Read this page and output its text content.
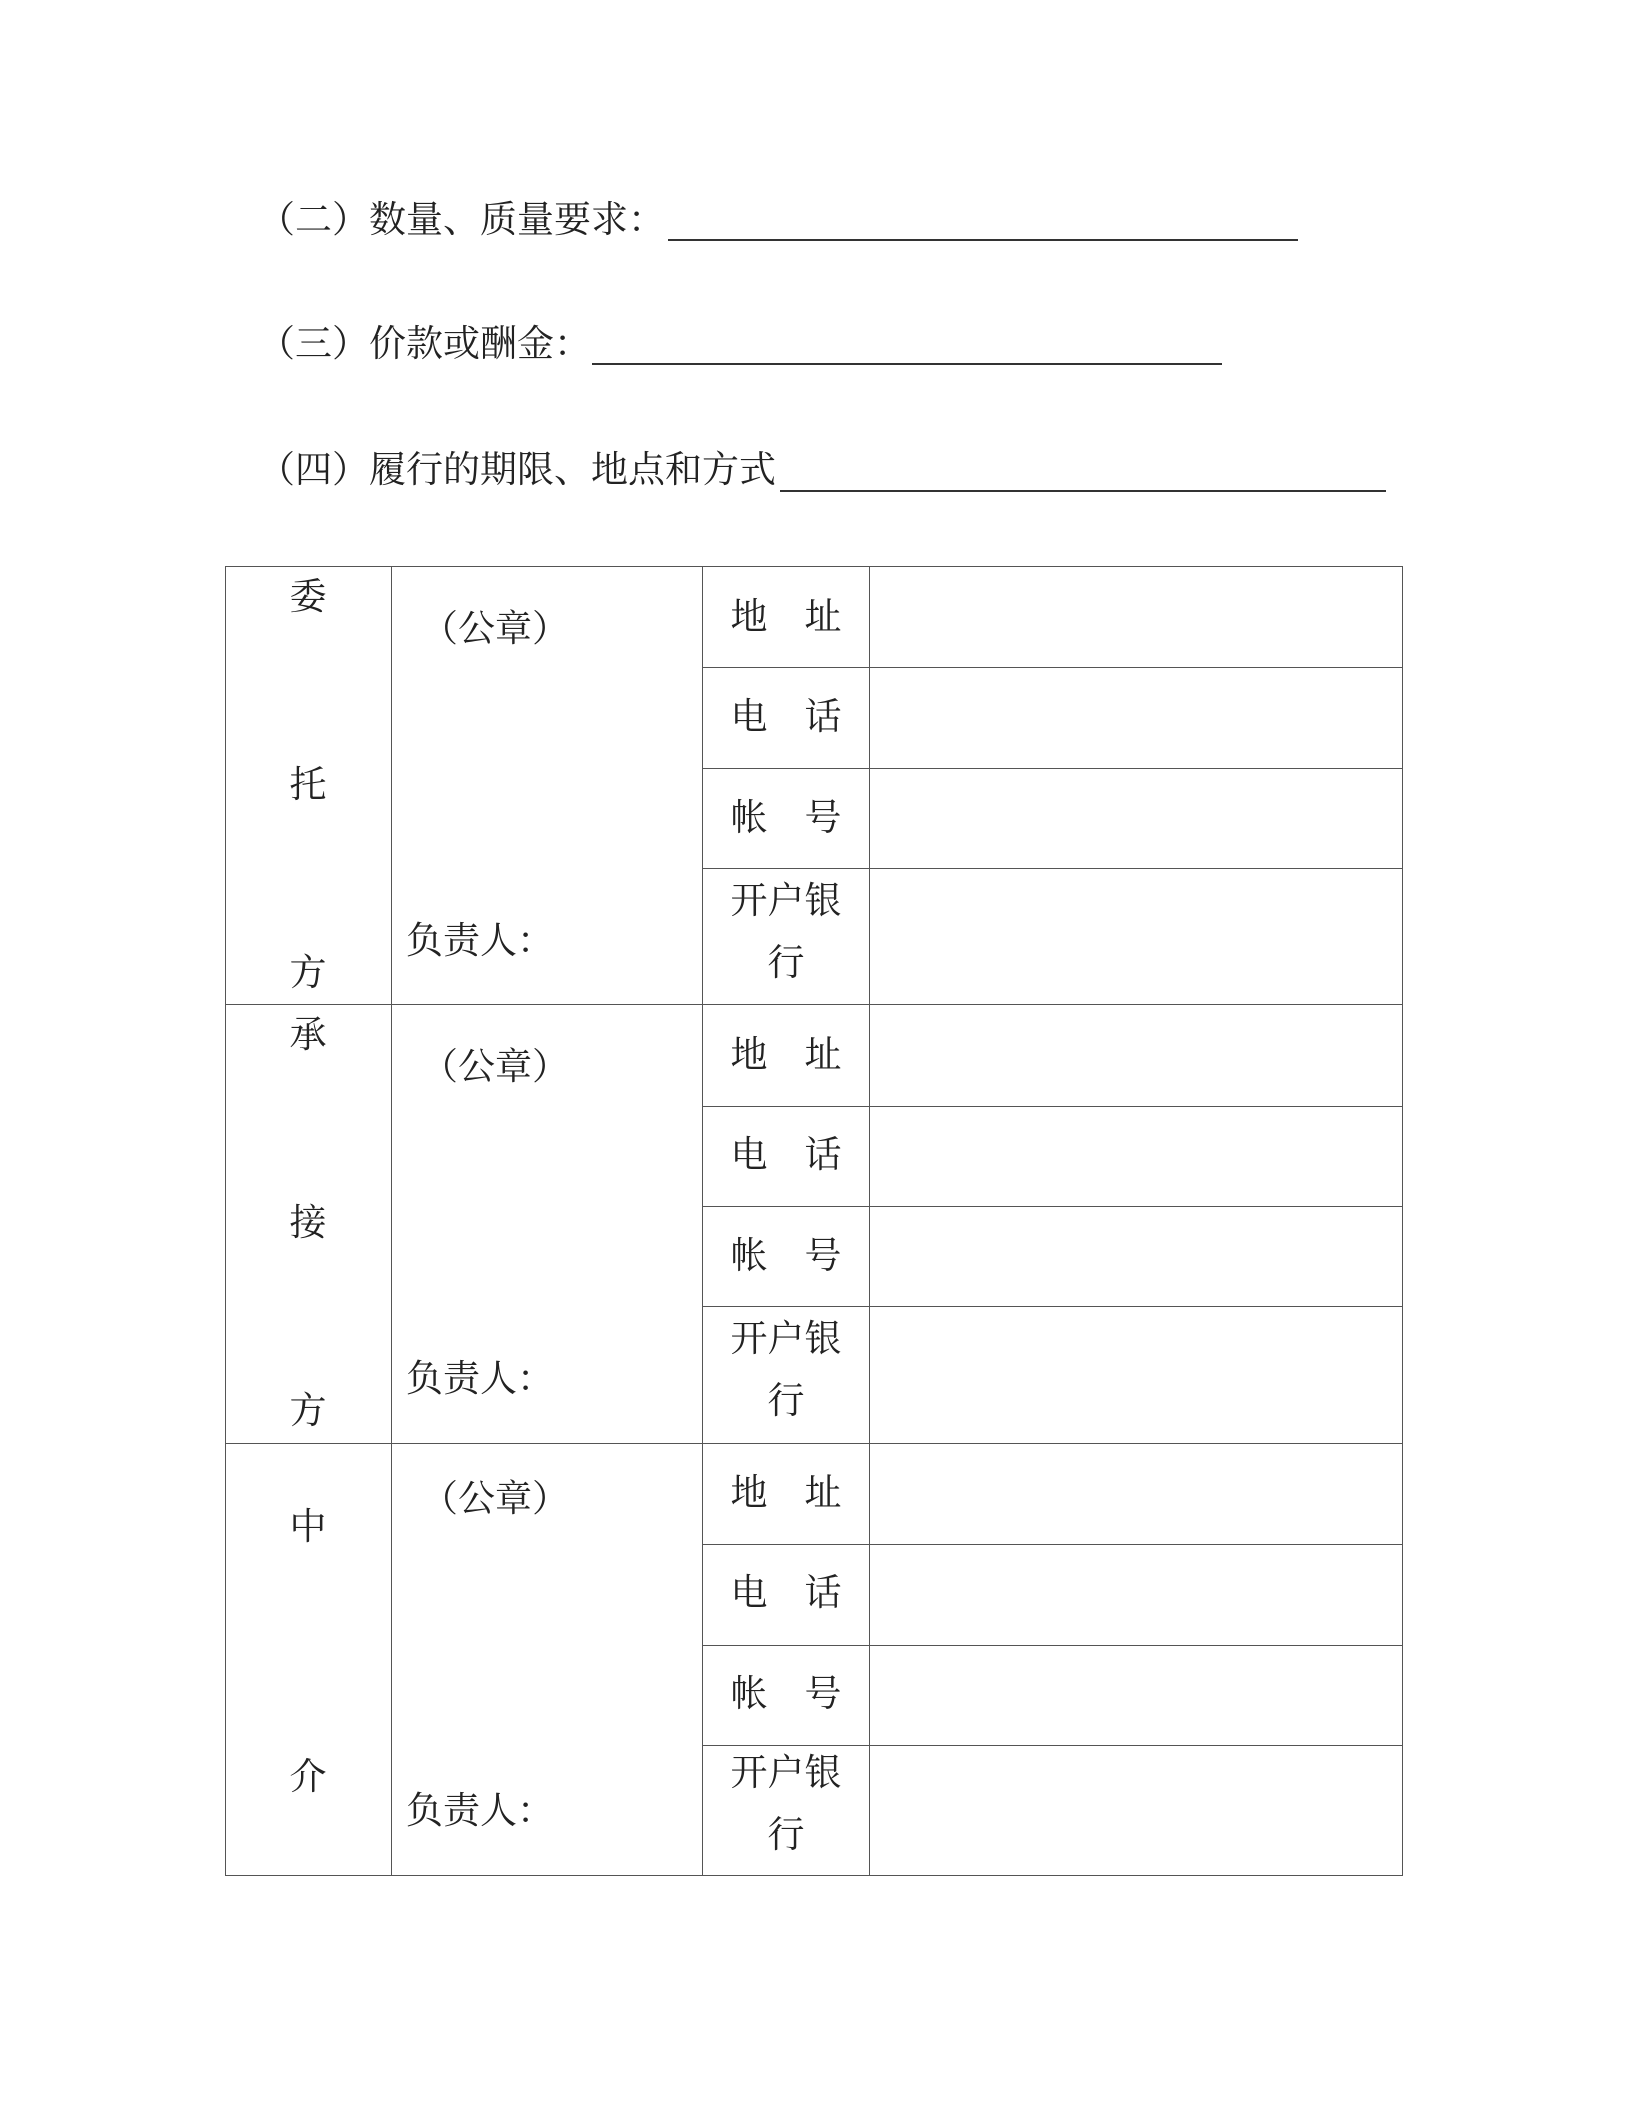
（二）数量、质量要求：
（三）价款或酬金：
（四）履行的期限、地点和方式
委
托
方
（公章）
负责人：
地　址
电　话
帐　号
开户银
行
承
接
方
（公章）
负责人：
地　址
电　话
帐　号
开户银
行
中
介
（公章）
负责人：
地　址
电　话
帐　号
开户银
行
